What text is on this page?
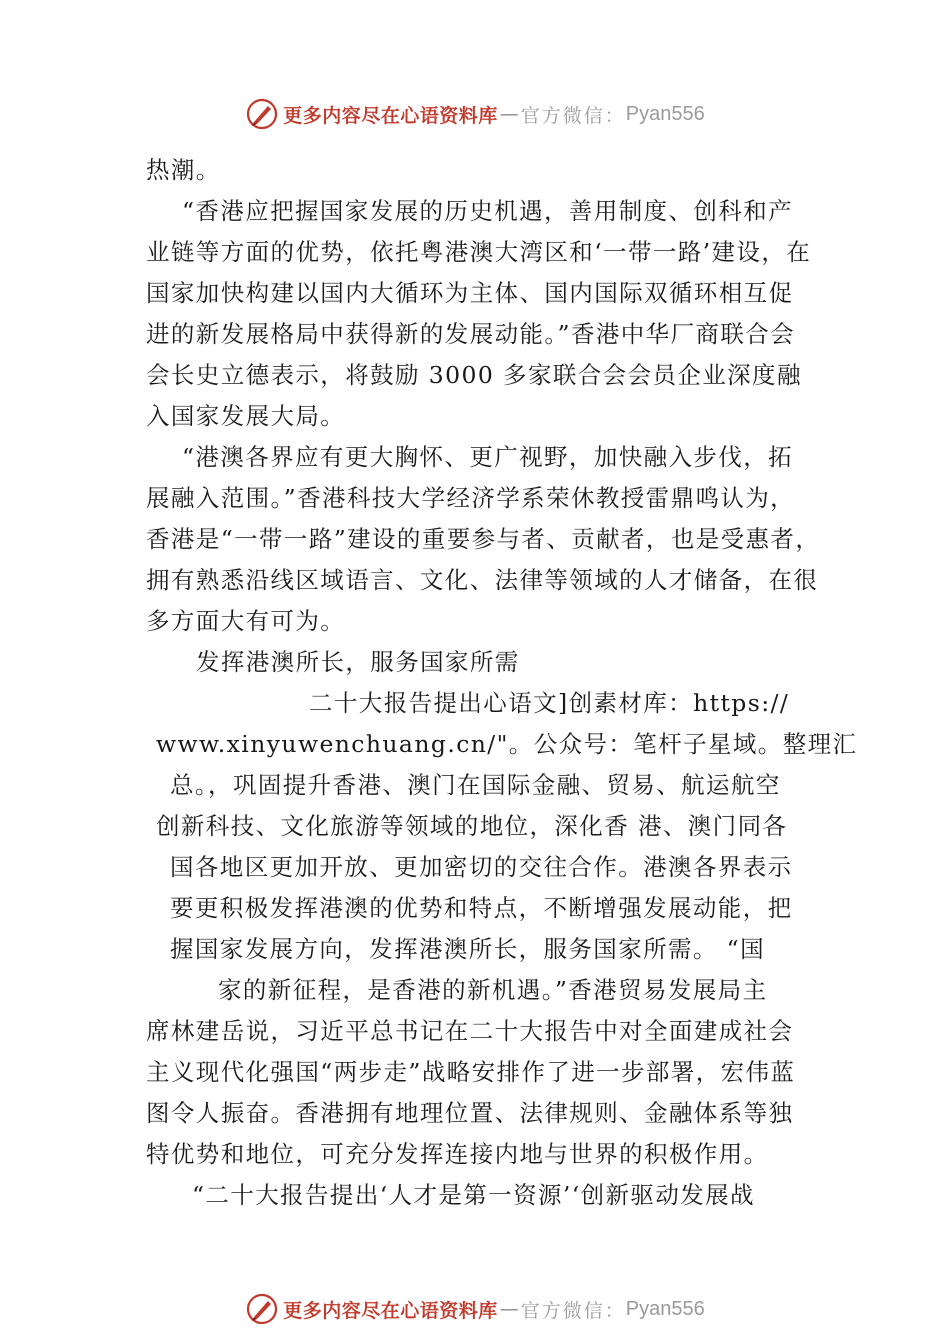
更多内容尽在心语资料库 — 官方微信： Pyan556
热潮。
“香港应把握国家发展的历史机遇，善用制度、创科和产
业链等方面的优势，依托粤港澳大湾区和‘一带一路’建设，在
国家加快构建以国内大循环为主体、国内国际双循环相互促
进的新发展格局中获得新的发展动能。”香港中华厂商联合会
会长史立德表示，将鼓励 3000 多家联合会会员企业深度融
入国家发展大局。
“港澳各界应有更大胸怀、更广视野，加快融入步伐，拓
展融入范围。”香港科技大学经济学系荣休教授雷鼎鸣认为，
香港是“一带一路”建设的重要参与者、贡献者，也是受惠者，
拥有熟悉沿线区域语言、文化、法律等领域的人才储备，在很
多方面大有可为。
发挥港澳所长，服务国家所需
二十大报告提出心语文]创素材库：https://
www.xinyuwenchuang.cn/"。公众号：笔杆子星域。整理汇
总。，巩固提升香港、澳门在国际金融、贸易、航运航空
创新科技、文化旅游等领域的地位，深化香 港、澳门同各
国各地区更加开放、更加密切的交往合作。港澳各界表示
要更积极发挥港澳的优势和特点，不断增强发展动能，把
握国家发展方向，发挥港澳所长，服务国家所需。 “国
家的新征程，是香港的新机遇。”香港贸易发展局主
席林建岳说，习近平总书记在二十大报告中对全面建成社会
主义现代化强国“两步走”战略安排作了进一步部署，宏伟蓝
图令人振奋。香港拥有地理位置、法律规则、金融体系等独
特优势和地位，可充分发挥连接内地与世界的积极作用。
“二十大报告提出‘人才是第一资源’‘创新驱动发展战
更多内容尽在心语资料库 — 官方微信： Pyan556
